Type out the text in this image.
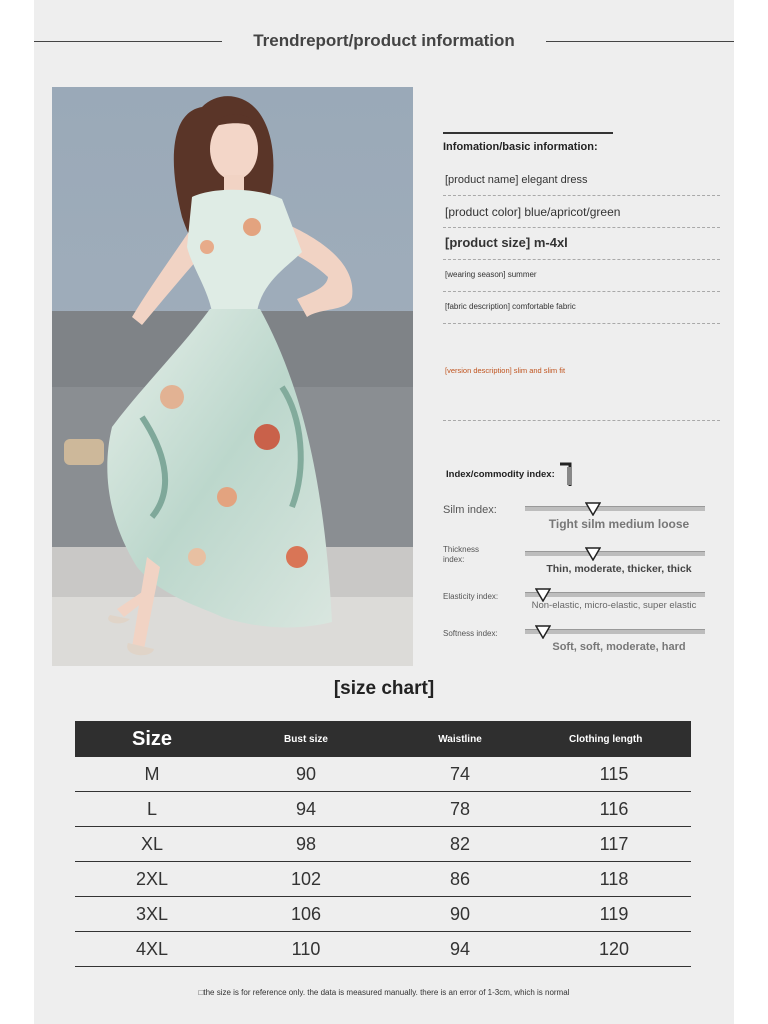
Trendreport/product information
Infomation/basic information:
[product name] elegant dress
[product color] blue/apricot/green
[product size] m-4xl
[wearing season] summer
[fabric description] comfortable fabric
[version description] slim and slim fit
Index/commodity index:
Silm index:
Tight silm medium loose
Thickness index:
Thin, moderate, thicker, thick
Elasticity index:
Non-elastic, micro-elastic, super elastic
Softness index:
Soft, soft, moderate, hard
[size chart]
Size	Bust size	Waistline	Clothing length
M	90	74	115
L	94	78	116
XL	98	82	117
2XL	102	86	118
3XL	106	90	119
4XL	110	94	120
□the size is for reference only. the data is measured manually. there is an error of 1-3cm, which is normal
